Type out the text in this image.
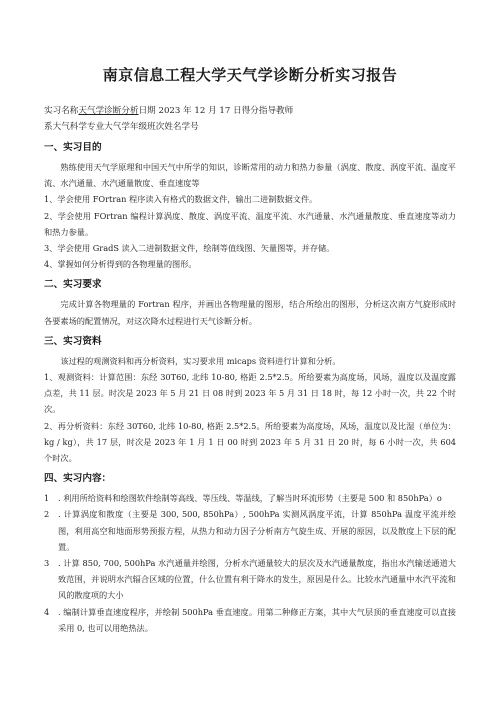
南京信息工程大学天气学诊断分析实习报告

实习名称天气学诊断分析日期 2023 年 12 月 17 日得分指导教师

系大气科学专业大气学年级班次姓名学号

一、实习目的

熟练使用天气学原理和中国天气中所学的知识，诊断常用的动力和热力参量（涡度、散度、涡度平流、温度平流、水汽通量、水汽通量散度、垂直速度等

1、学会使用 FOrtran 程序读入有格式的数据文件，输出二进制数据文件。

2、学会使用 FOrtran 编程计算涡度、散度、涡度平流、温度平流、水汽通量、水汽通量散度、垂直速度等动力和热力参量。

3、学会使用 GradS 读入二进制数据文件，绘制等值线图、矢量图等，并存储。

4、掌握如何分析得到的各物理量的图形。

二、实习要求

完成计算各物理量的 Fortran 程序，并画出各物理量的图形，结合所绘出的图形，分析这次南方气旋形成时各要素场的配置情况，对这次降水过程进行天气诊断分析。

三、实习资料

该过程的观测资料和再分析资料，实习要求用 micaps 资料进行计算和分析。

1、观测资料：计算范围：东经 30T60, 北纬 10-80, 格距 2.5*2.5。所给要素为高度场，风场，温度以及温度露点差，共 11 层。时次是 2023 年 5 月 21 日 08 时到 2023 年 5 月 31 日 18 时，每 12 小时一次，共 22 个时次。

2、再分析资料：东经 30T60, 北纬 10-80, 格距 2.5*2.5。所给要素为高度场，风场，温度以及比湿（单位为：kg / kg），共 17 层，时次是 2023 年 1 月 1 日 00 时到 2023 年 5 月 31 日 20 时，每 6 小时一次，共 604 个时次。

四、实习内容：
1	. 利用所给资料和绘图软件绘制等高线、等压线、等温线，了解当时环流形势（主要是 500 和 850hPa）o
2	. 计算涡度和散度（主要是 300, 500, 850hPa）, 500hPa 实测风涡度平流，计算 850hPa 温度平流并绘图，利用高空和地面形势预报方程，从热力和动力因子分析南方气旋生成、开展的原因，以及散度上下层的配置。
3	. 计算 850, 700, 500hPa 水汽通量并绘图，分析水汽通量较大的层次及水汽通量散度，指出水汽输送通道大致范围，并说明水汽辐合区域的位置，什么位置有利于降水的发生，原因是什么。比较水汽通量中水汽平流和风的散度项的大小
4	. 编制计算垂直速度程序，并绘制 500hPa 垂直速度。用第二种修正方案，其中大气层顶的垂直速度可以直接采用 0, 也可以用绝热法。
